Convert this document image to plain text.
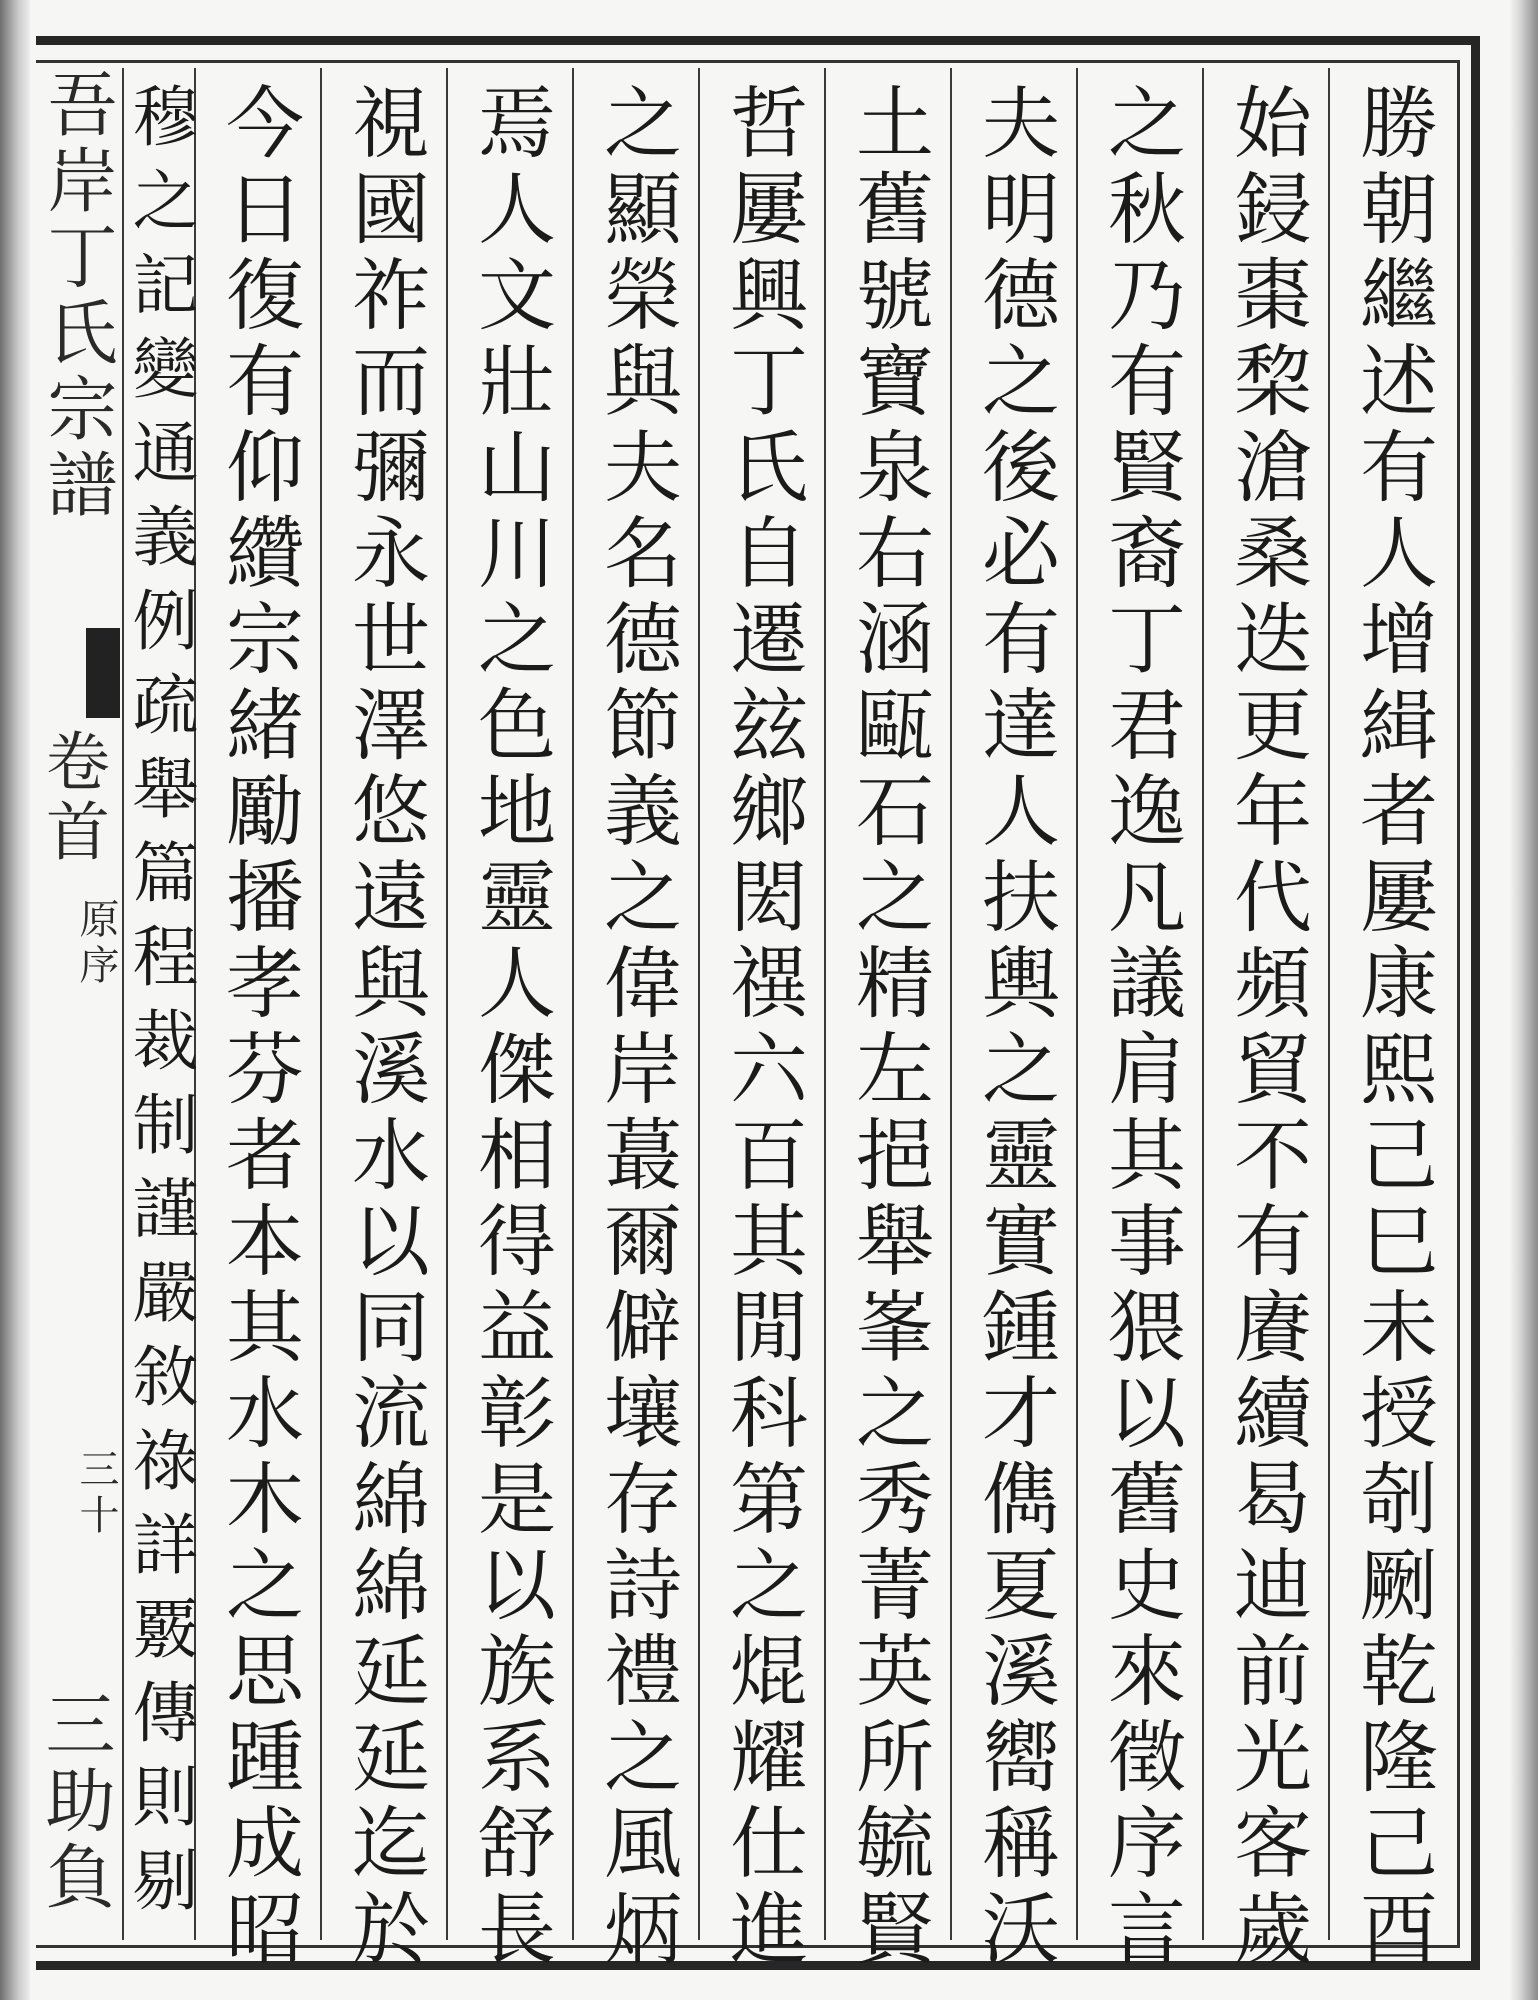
吾岸丁氏宗譜
卷首
原序
三十
三助負	勝朝繼述有人增緝者屢康熙己巳未授剞劂乾隆己酉
始鋟棗棃滄桑迭更年代頻貿不有賡續曷迪前光客歲
之秋乃有賢裔丁君逸凡議肩其事猥以舊史來徵序言
夫明德之後必有達人扶輿之靈實鍾才儁夏溪嚮稱沃
土舊號寶泉右涵甌石之精左挹舉峯之秀菁英所毓賢
哲屢興丁氏自遷玆鄉閎禩六百其閒科第之焜耀仕進
之顯榮與夫名德節義之偉岸蕞爾僻壤存詩禮之風炳
焉人文壯山川之色地靈人傑相得益彰是以族系舒長
視國祚而彌永世澤悠遠與溪水以同流綿綿延延迄於
今日復有仰纘宗緒勵播孝芬者本其水木之思踵成昭
穆之記變通義例疏舉篇程裁制謹嚴敘祿詳覈傳則剔
